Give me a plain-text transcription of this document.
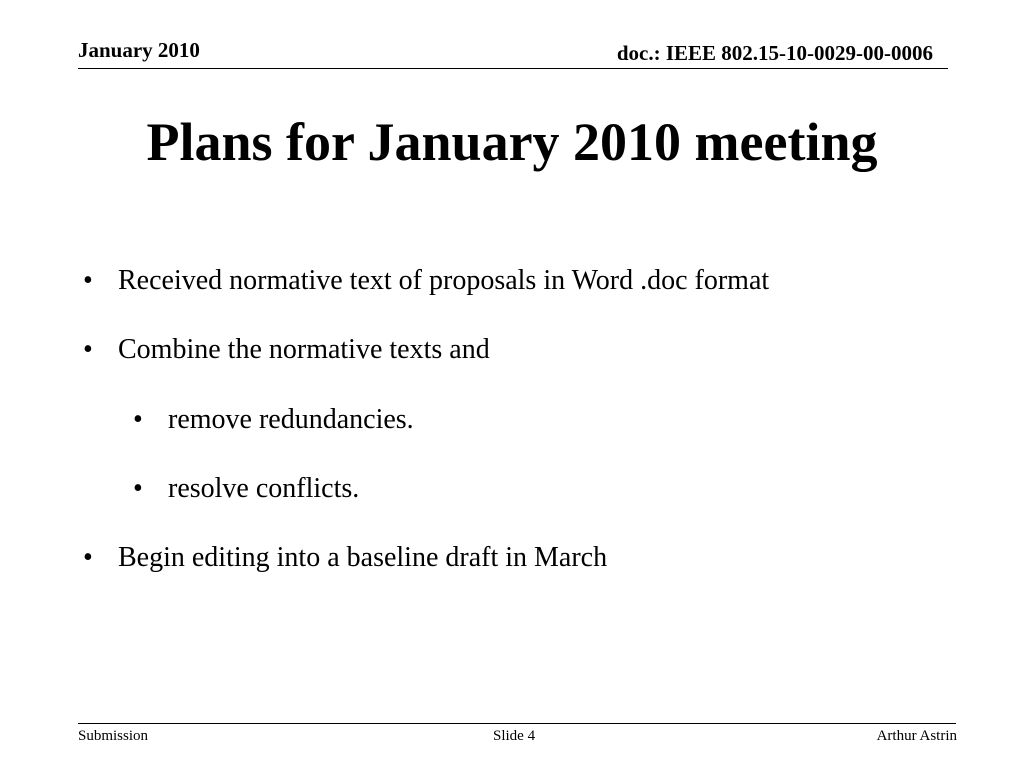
January 2010	doc.: IEEE 802.15-10-0029-00-0006
Plans for January 2010 meeting
• Received normative text of proposals in Word .doc format
• Combine the normative texts and
• remove redundancies.
• resolve conflicts.
• Begin editing into a baseline draft in March
Submission	Slide 4	Arthur Astrin
